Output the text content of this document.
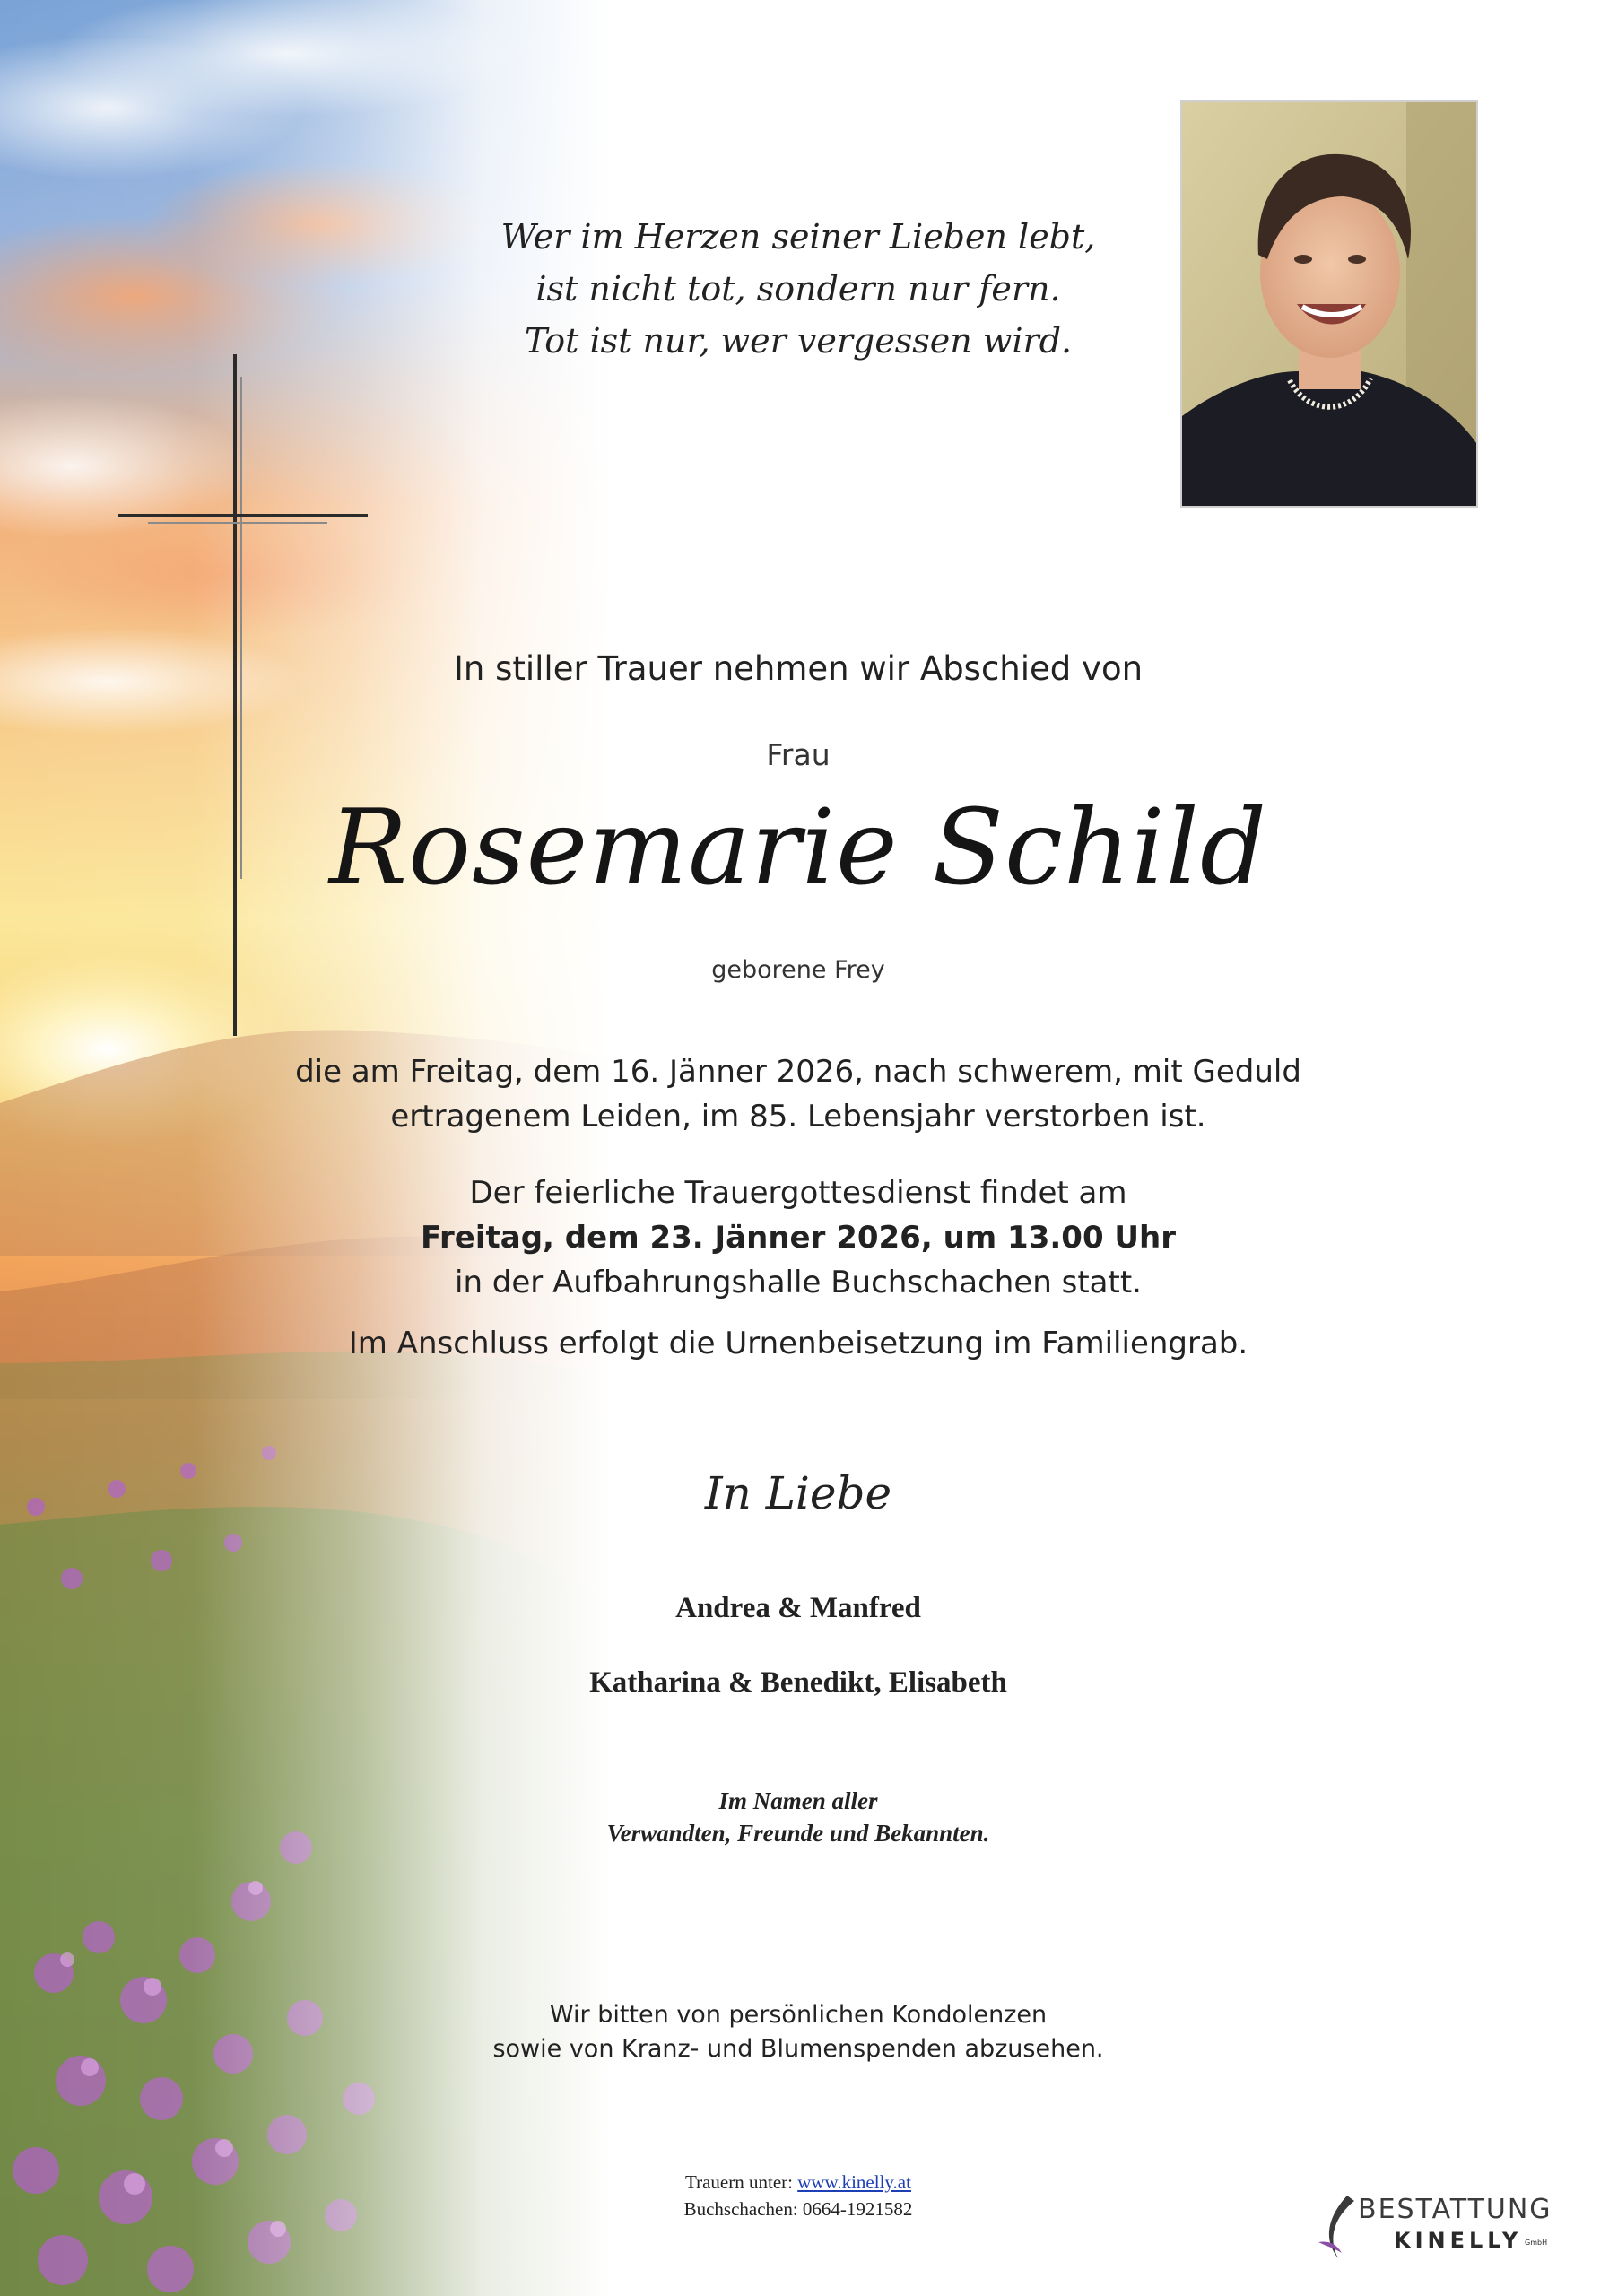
Wer im Herzen seiner Lieben lebt,
ist nicht tot, sondern nur fern.
Tot ist nur, wer vergessen wird.
In stiller Trauer nehmen wir Abschied von
Frau
Rosemarie Schild
geborene Frey
die am Freitag, dem 16. Jänner 2026, nach schwerem, mit Geduld
ertragenem Leiden, im 85. Lebensjahr verstorben ist.
Der feierliche Trauergottesdienst findet am
Freitag, dem 23. Jänner 2026, um 13.00 Uhr
in der Aufbahrungshalle Buchschachen statt.
Im Anschluss erfolgt die Urnenbeisetzung im Familiengrab.
In Liebe
Andrea & Manfred
Katharina & Benedikt, Elisabeth
Im Namen aller
Verwandten, Freunde und Bekannten.
Wir bitten von persönlichen Kondolenzen
sowie von Kranz- und Blumenspenden abzusehen.
Trauern unter: www.kinelly.at
Buchschachen: 0664-1921582	BESTATTUNG
KINELLY GmbH
